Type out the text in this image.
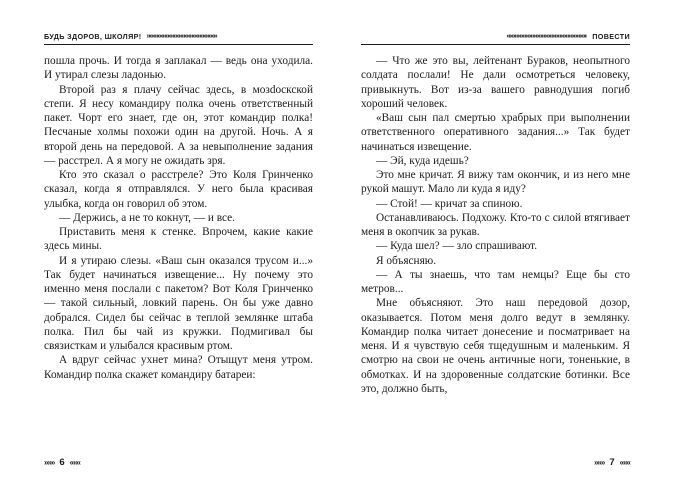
БУДЬ ЗДОРОВ, ШКОЛЯР! »»»»»»»»»»»»»»»»»»»»»»»»»»

пошла прочь. И тогда я заплакал — ведь она уходила. И утирал слезы ладонью.

Второй раз я плачу сейчас здесь, в мозdocкской степи. Я несу командиру полка очень ответственный пакет. Чорт его знает, где он, этот командир полка! Песчаные холмы похожи один на другой. Ночь. А я второй день на передовой. А за невыполнение задания — расстрел. А я могу не ожидать зря.

Кто это сказал о расстреле? Это Коля Гринченко сказал, когда я отправлялся. У него была красивая улыбка, когда он говорил об этом.

— Держись, а не то кокнут, — и все.

Приставить меня к стенке. Впрочем, какие какие здесь мины.

И я утираю слезы. «Ваш сын оказался трусом и...» Так будет начинаться извещение... Ну почему это именно меня послали с пакетом? Вот Коля Гринченко — такой сильный, ловкий парень. Он бы уже давно добрался. Сидел бы сейчас в теплой землянке штаба полка. Пил бы чай из кружки. Подмигивал бы связисткам и улыбался красивым ртом.

А вдруг сейчас ухнет мина? Отыщут меня утром. Командир полка скажет командиру батареи:

»»» 6 «««
»»»»»»»»»»»»»»»»»»»»»»»»»»»»»» ПОВЕСТИ

— Что же это вы, лейтенант Бураков, неопытного солдата послали! Не дали осмотреться человеку, привыкнуть. Вот из-за вашего равнодушия погиб хороший человек.

«Ваш сын пал смертью храбрых при выполнении ответственного оперативного задания...» Так будет начинаться извещение.

— Эй, куда идешь?

Это мне кричат. Я вижу там окончик, и из него мне рукой машут. Мало ли куда я иду?

— Стой! — кричат за спиною.

Останавливаюсь. Подхожу. Кто-то с силой втягивает меня в окопчик за рукав.

— Куда шел? — зло спрашивают.

Я объясняю.

— А ты знаешь, что там немцы? Еще бы сто метров...

Мне объясняют. Это наш передовой дозор, оказывается. Потом меня долго ведут в землянку. Командир полка читает донесение и посматривает на меня. И я чувствую себя тщедушным и маленьким. Я смотрю на свои не очень античные ноги, тоненькие, в обмотках. И на здоровенные солдатские ботинки. Все это, должно быть,

»»» 7 «««
